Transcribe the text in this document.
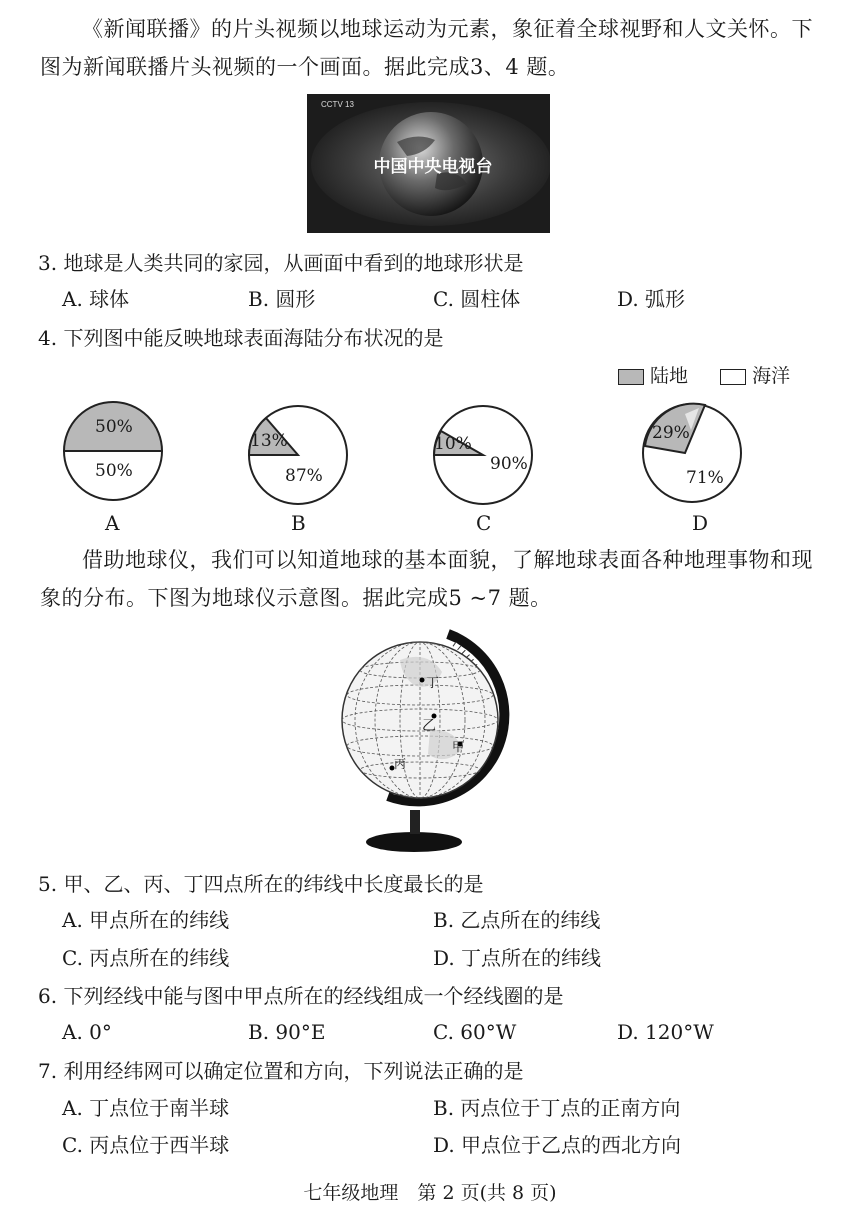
《新闻联播》的片头视频以地球运动为元素，象征着全球视野和人文关怀。下
图为新闻联播片头视频的一个画面。据此完成3、4 题。
CCTV 13
中国中央电视台
3. 地球是人类共同的家园，从画面中看到的地球形状是
A. 球体	B. 圆形	C. 圆柱体	D. 弧形
4. 下列图中能反映地球表面海陆分布状况的是
陆地	海洋
50%
50%
A
13%
87%
B
10%
90%
C
29%
71%
D
借助地球仪，我们可以知道地球的基本面貌，了解地球表面各种地理事物和现
象的分布。下图为地球仪示意图。据此完成5 ~7 题。
丁
乙
甲
丙
5. 甲、乙、丙、丁四点所在的纬线中长度最长的是
A. 甲点所在的纬线	B. 乙点所在的纬线
C. 丙点所在的纬线	D. 丁点所在的纬线
6. 下列经线中能与图中甲点所在的经线组成一个经线圈的是
A. 0°	B. 90°E	C. 60°W	D. 120°W
7. 利用经纬网可以确定位置和方向，下列说法正确的是
A. 丁点位于南半球	B. 丙点位于丁点的正南方向
C. 丙点位于西半球	D. 甲点位于乙点的西北方向
七年级地理　第 2 页(共 8 页)
